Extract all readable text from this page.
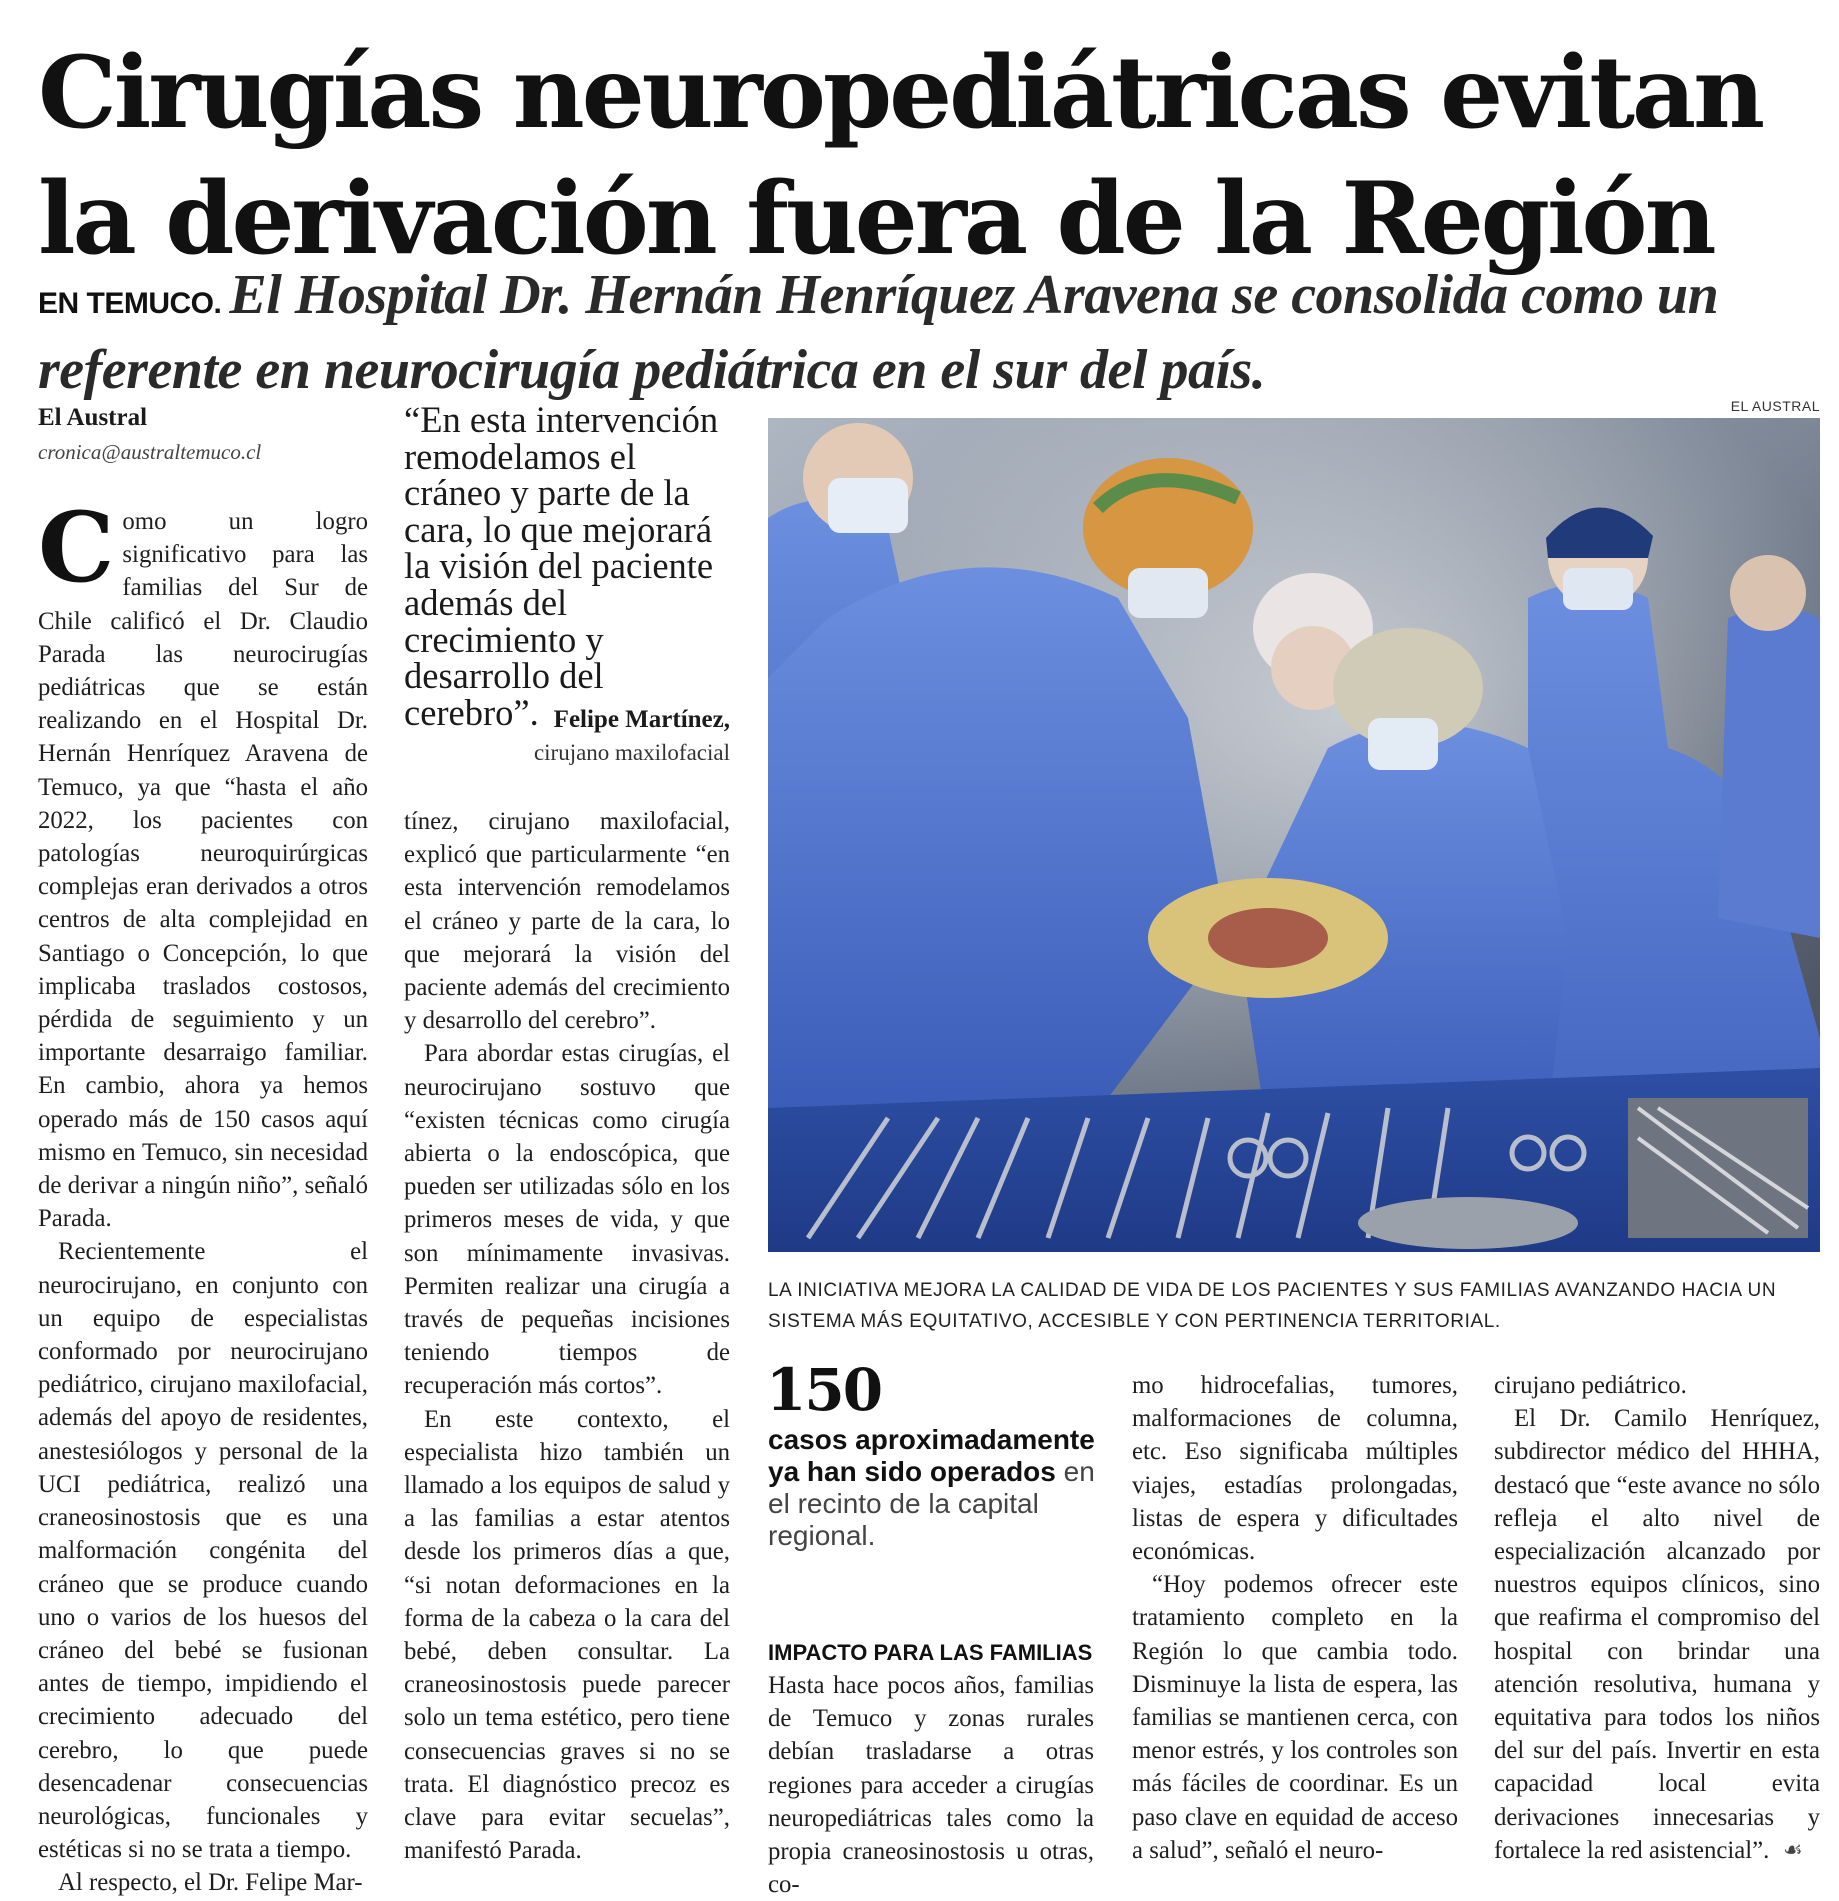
Cirugías neuropediátricas evitan
la derivación fuera de la Región
EN TEMUCO. El Hospital Dr. Hernán Henríquez Aravena se consolida como un referente en neurocirugía pediátrica en el sur del país.
El Austral
cronica@australtemuco.cl
C omo un logro significativo para las familias del Sur de Chile calificó el Dr. Claudio Parada las neurocirugías pediátricas que se están realizando en el Hospital Dr. Hernán Henríquez Aravena de Temuco, ya que “hasta el año 2022, los pacientes con patologías neuroquirúrgicas complejas eran derivados a otros centros de alta complejidad en Santiago o Concepción, lo que implicaba traslados costosos, pérdida de seguimiento y un importante desarraigo familiar. En cambio, ahora ya hemos operado más de 150 casos aquí mismo en Temuco, sin necesidad de derivar a ningún niño”, señaló Parada.

Recientemente el neurocirujano, en conjunto con un equipo de especialistas conformado por neurocirujano pediátrico, cirujano maxilofacial, además del apoyo de residentes, anestesiólogos y personal de la UCI pediátrica, realizó una craneosinostosis que es una malformación congénita del cráneo que se produce cuando uno o varios de los huesos del cráneo del bebé se fusionan antes de tiempo, impidiendo el crecimiento adecuado del cerebro, lo que puede desencadenar consecuencias neurológicas, funcionales y estéticas si no se trata a tiempo.

Al respecto, el Dr. Felipe Mar-

“En esta intervención remodelamos el cráneo y parte de la cara, lo que mejorará la visión del paciente además del crecimiento y desarrollo del cerebro”. Felipe Martínez,
cirujano maxilofacial

tínez, cirujano maxilofacial, explicó que particularmente “en esta intervención remodelamos el cráneo y parte de la cara, lo que mejorará la visión del paciente además del crecimiento y desarrollo del cerebro”.

Para abordar estas cirugías, el neurocirujano sostuvo que “existen técnicas como cirugía abierta o la endoscópica, que pueden ser utilizadas sólo en los primeros meses de vida, y que son mínimamente invasivas. Permiten realizar una cirugía a través de pequeñas incisiones teniendo tiempos de recuperación más cortos”.

En este contexto, el especialista hizo también un llamado a los equipos de salud y a las familias a estar atentos desde los primeros días a que, “si notan deformaciones en la forma de la cabeza o la cara del bebé, deben consultar. La craneosinostosis puede parecer solo un tema estético, pero tiene consecuencias graves si no se trata. El diagnóstico precoz es clave para evitar secuelas”, manifestó Parada.

EL AUSTRAL
LA INICIATIVA MEJORA LA CALIDAD DE VIDA DE LOS PACIENTES Y SUS FAMILIAS AVANZANDO HACIA UN SISTEMA MÁS EQUITATIVO, ACCESIBLE Y CON PERTINENCIA TERRITORIAL.
150
casos aproximadamente ya han sido operados en el recinto de la capital regional.
IMPACTO PARA LAS FAMILIAS

Hasta hace pocos años, familias de Temuco y zonas rurales debían trasladarse a otras regiones para acceder a cirugías neuropediátricas tales como la propia craneosinostosis u otras, co-

mo hidrocefalias, tumores, malformaciones de columna, etc. Eso significaba múltiples viajes, estadías prolongadas, listas de espera y dificultades económicas.

“Hoy podemos ofrecer este tratamiento completo en la Región lo que cambia todo. Disminuye la lista de espera, las familias se mantienen cerca, con menor estrés, y los controles son más fáciles de coordinar. Es un paso clave en equidad de acceso a salud”, señaló el neuro-

cirujano pediátrico.

El Dr. Camilo Henríquez, subdirector médico del HHHA, destacó que “este avance no sólo refleja el alto nivel de especialización alcanzado por nuestros equipos clínicos, sino que reafirma el compromiso del hospital con brindar una atención resolutiva, humana y equitativa para todos los niños del sur del país. Invertir en esta capacidad local evita derivaciones innecesarias y fortalece la red asistencial”. ☙
